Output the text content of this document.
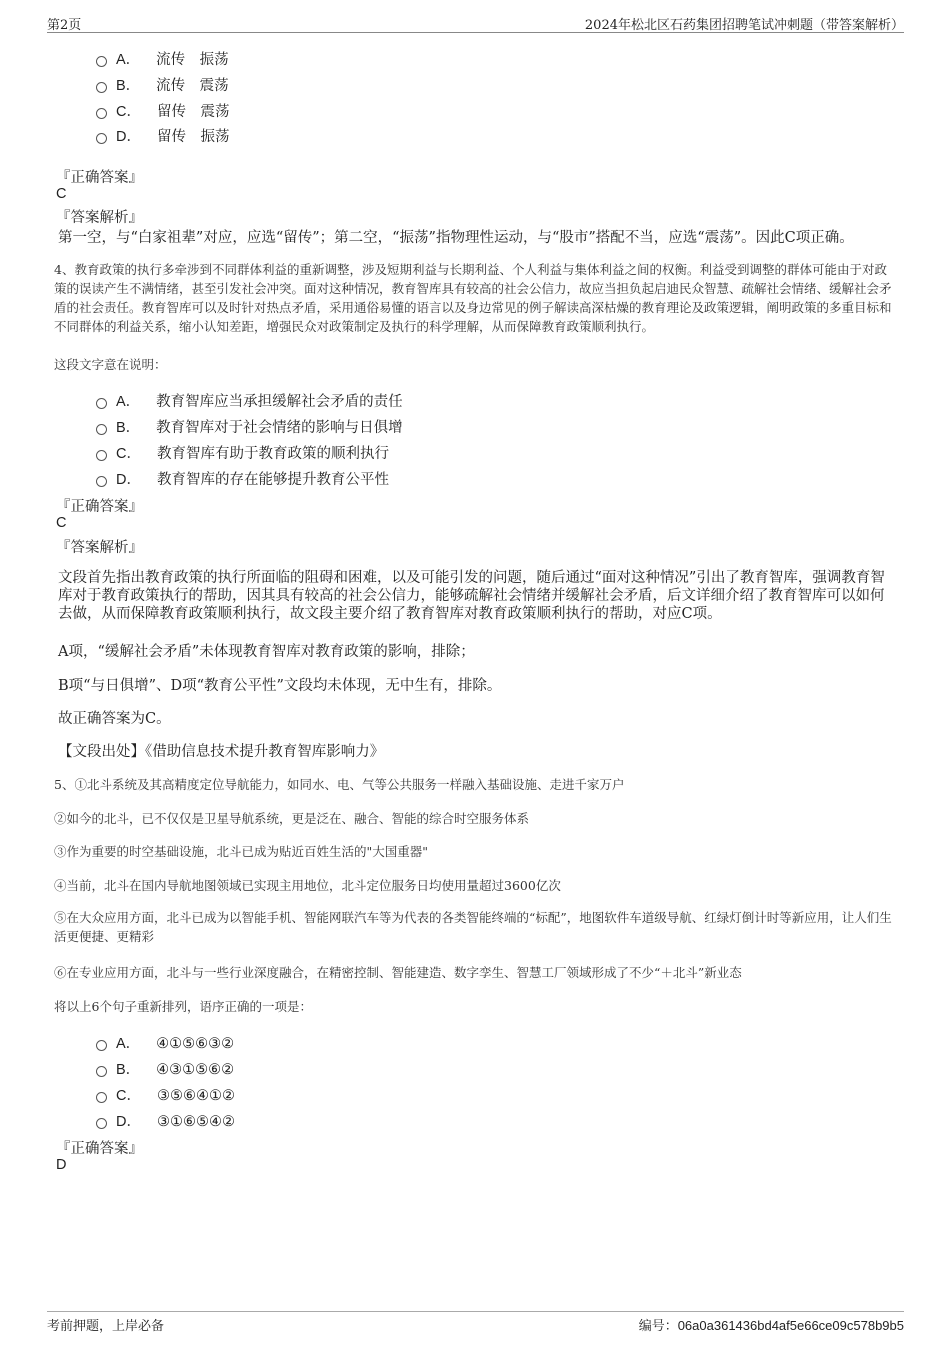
第2页	2024年松北区石药集团招聘笔试冲刺题（带答案解析）
A． 流传　振荡
B． 流传　震荡
C． 留传　震荡
D． 留传　振荡
『正确答案』
C
『答案解析』
第一空，与“白家祖辈”对应，应选“留传”；第二空，“振荡”指物理性运动，与“股市”搭配不当，应选“震荡”。因此C项正确。
4、教育政策的执行多牵涉到不同群体利益的重新调整，涉及短期利益与长期利益、个人利益与集体利益之间的权衡。利益受到调整的群体可能由于对政策的误读产生不满情绪，甚至引发社会冲突。面对这种情况，教育智库具有较高的社会公信力，故应当担负起启迪民众智慧、疏解社会情绪、缓解社会矛盾的社会责任。教育智库可以及时针对热点矛盾，采用通俗易懂的语言以及身边常见的例子解读高深枯燥的教育理论及政策逻辑，阐明政策的多重目标和不同群体的利益关系，缩小认知差距，增强民众对政策制定及执行的科学理解，从而保障教育政策顺利执行。
这段文字意在说明：
A． 教育智库应当承担缓解社会矛盾的责任
B． 教育智库对于社会情绪的影响与日俱增
C． 教育智库有助于教育政策的顺利执行
D． 教育智库的存在能够提升教育公平性
『正确答案』
C
『答案解析』
文段首先指出教育政策的执行所面临的阻碍和困难，以及可能引发的问题，随后通过“面对这种情况”引出了教育智库，强调教育智库对于教育政策执行的帮助，因其具有较高的社会公信力，能够疏解社会情绪并缓解社会矛盾，后文详细介绍了教育智库可以如何去做，从而保障教育政策顺利执行，故文段主要介绍了教育智库对教育政策顺利执行的帮助，对应C项。
A项，“缓解社会矛盾”未体现教育智库对教育政策的影响，排除；
B项“与日俱增”、D项“教育公平性”文段均未体现，无中生有，排除。
故正确答案为C。
【文段出处】《借助信息技术提升教育智库影响力》
5、①北斗系统及其高精度定位导航能力，如同水、电、气等公共服务一样融入基础设施、走进千家万户
②如今的北斗，已不仅仅是卫星导航系统，更是泛在、融合、智能的综合时空服务体系
③作为重要的时空基础设施，北斗已成为贴近百姓生活的"大国重器"
④当前，北斗在国内导航地图领域已实现主用地位，北斗定位服务日均使用量超过3600亿次
⑤在大众应用方面，北斗已成为以智能手机、智能网联汽车等为代表的各类智能终端的“标配”，地图软件车道级导航、红绿灯倒计时等新应用，让人们生活更便捷、更精彩
⑥在专业应用方面，北斗与一些行业深度融合，在精密控制、智能建造、数字孪生、智慧工厂领域形成了不少“＋北斗”新业态
将以上6个句子重新排列，语序正确的一项是：
A． ④①⑤⑥③②
B． ④③①⑤⑥②
C． ③⑤⑥④①②
D． ③①⑥⑤④②
『正确答案』
D
考前押题，上岸必备	编号：06a0a361436bd4af5e66ce09c578b9b5
